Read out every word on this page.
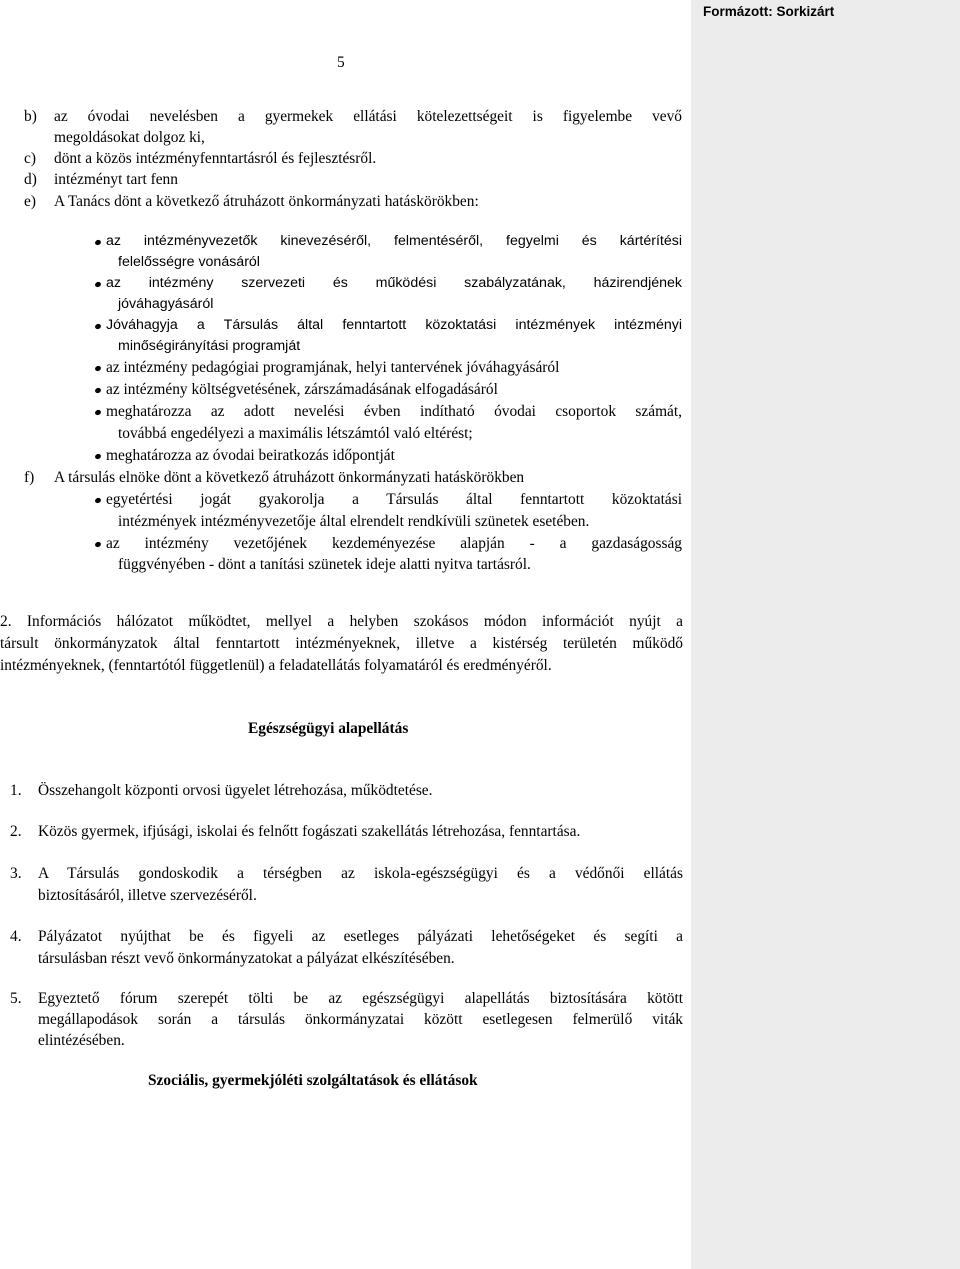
Formázott: Sorkizárt
5
b) az óvodai nevelésben a gyermekek ellátási kötelezettségeit is figyelembe vevő
megoldásokat dolgoz ki,
c) dönt a közös intézményfenntartásról és fejlesztésről.
d) intézményt tart fenn
e) A Tanács dönt a következő átruházott önkormányzati hatáskörökben:
az intézményvezetők kinevezéséről, felmentéséről, fegyelmi és kártérítési
felelősségre vonásáról
az intézmény szervezeti és működési szabályzatának, házirendjének
jóváhagyásáról
Jóváhagyja a Társulás által fenntartott közoktatási intézmények intézményi
minőségirányítási programját
az intézmény pedagógiai programjának, helyi tantervének jóváhagyásáról
az intézmény költségvetésének, zárszámadásának elfogadásáról
meghatározza az adott nevelési évben indítható óvodai csoportok számát,
továbbá engedélyezi a maximális létszámtól való eltérést;
meghatározza az óvodai beiratkozás időpontját
f) A társulás elnöke dönt a következő átruházott önkormányzati hatáskörökben
egyetértési jogát gyakorolja a Társulás által fenntartott közoktatási
intézmények intézményvezetője által elrendelt rendkívüli szünetek esetében.
az intézmény vezetőjének kezdeményezése alapján - a gazdaságosság
függvényében - dönt a tanítási szünetek ideje alatti nyitva tartásról.
2. Információs hálózatot működtet, mellyel a helyben szokásos módon információt nyújt a
társult önkormányzatok által fenntartott intézményeknek, illetve a kistérség területén működő
intézményeknek, (fenntartótól függetlenül) a feladatellátás folyamatáról és eredményéről.
Egészségügyi alapellátás
1. Összehangolt központi orvosi ügyelet létrehozása, működtetése.
2. Közös gyermek, ifjúsági, iskolai és felnőtt fogászati szakellátás létrehozása, fenntartása.
3. A Társulás gondoskodik a térségben az iskola-egészségügyi és a védőnői ellátás
biztosításáról, illetve szervezéséről.
4. Pályázatot nyújthat be és figyeli az esetleges pályázati lehetőségeket és segíti a
társulásban részt vevő önkormányzatokat a pályázat elkészítésében.
5. Egyeztető fórum szerepét tölti be az egészségügyi alapellátás biztosítására kötött
megállapodások során a társulás önkormányzatai között esetlegesen felmerülő viták
elintézésében.
Szociális, gyermekjóléti szolgáltatások és ellátások
